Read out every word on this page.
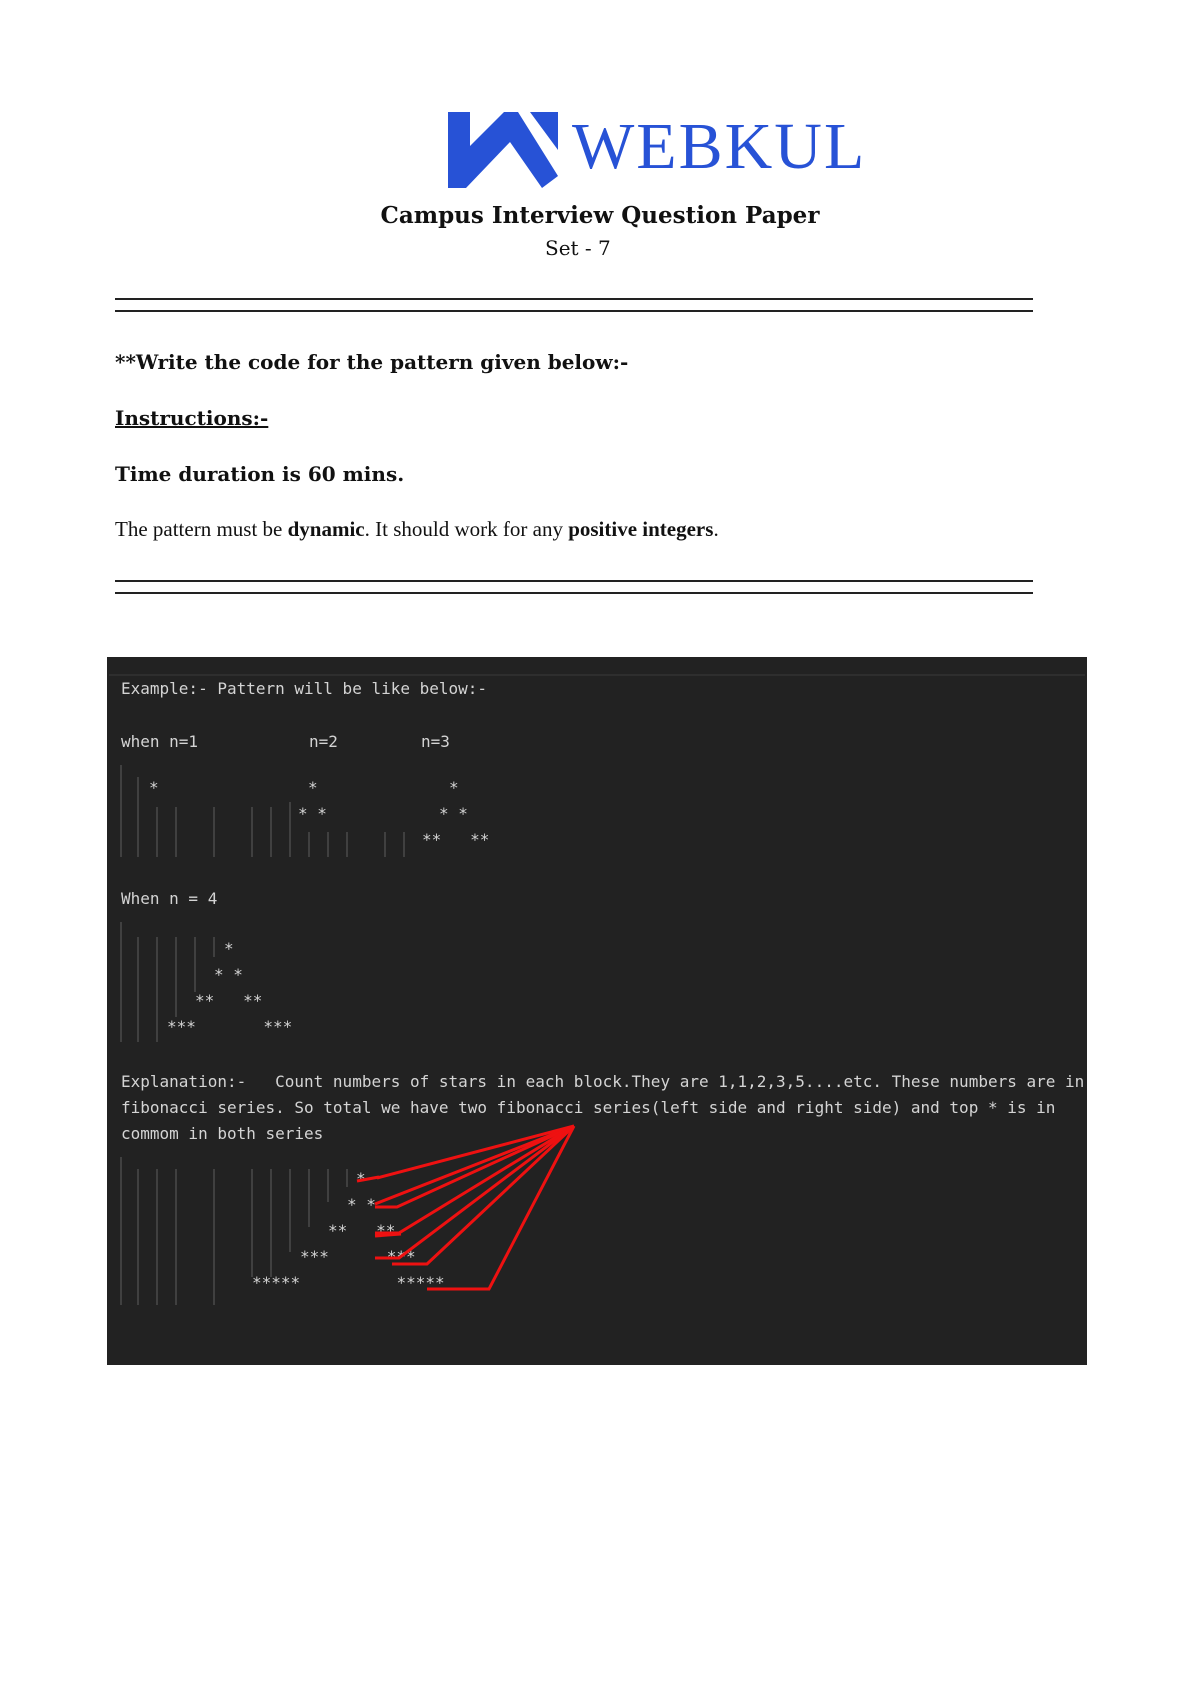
WEBKUL
Campus Interview Question Paper
Set - 7
**Write the code for the pattern given below:-
Instructions:-
Time duration is 60 mins.
The pattern must be dynamic. It should work for any positive integers.
Example:- Pattern will be like below:-
when n=1	n=2	n=3
*	*
* *
*
* *
**   **
When n = 4
*
* *
**   **
***       ***
Explanation:-   Count numbers of stars in each block.They are 1,1,2,3,5....etc. These numbers are in
fibonacci series. So total we have two fibonacci series(left side and right side) and top * is in
commom in both series
*
* *
**   **
***      ***
*****          *****
